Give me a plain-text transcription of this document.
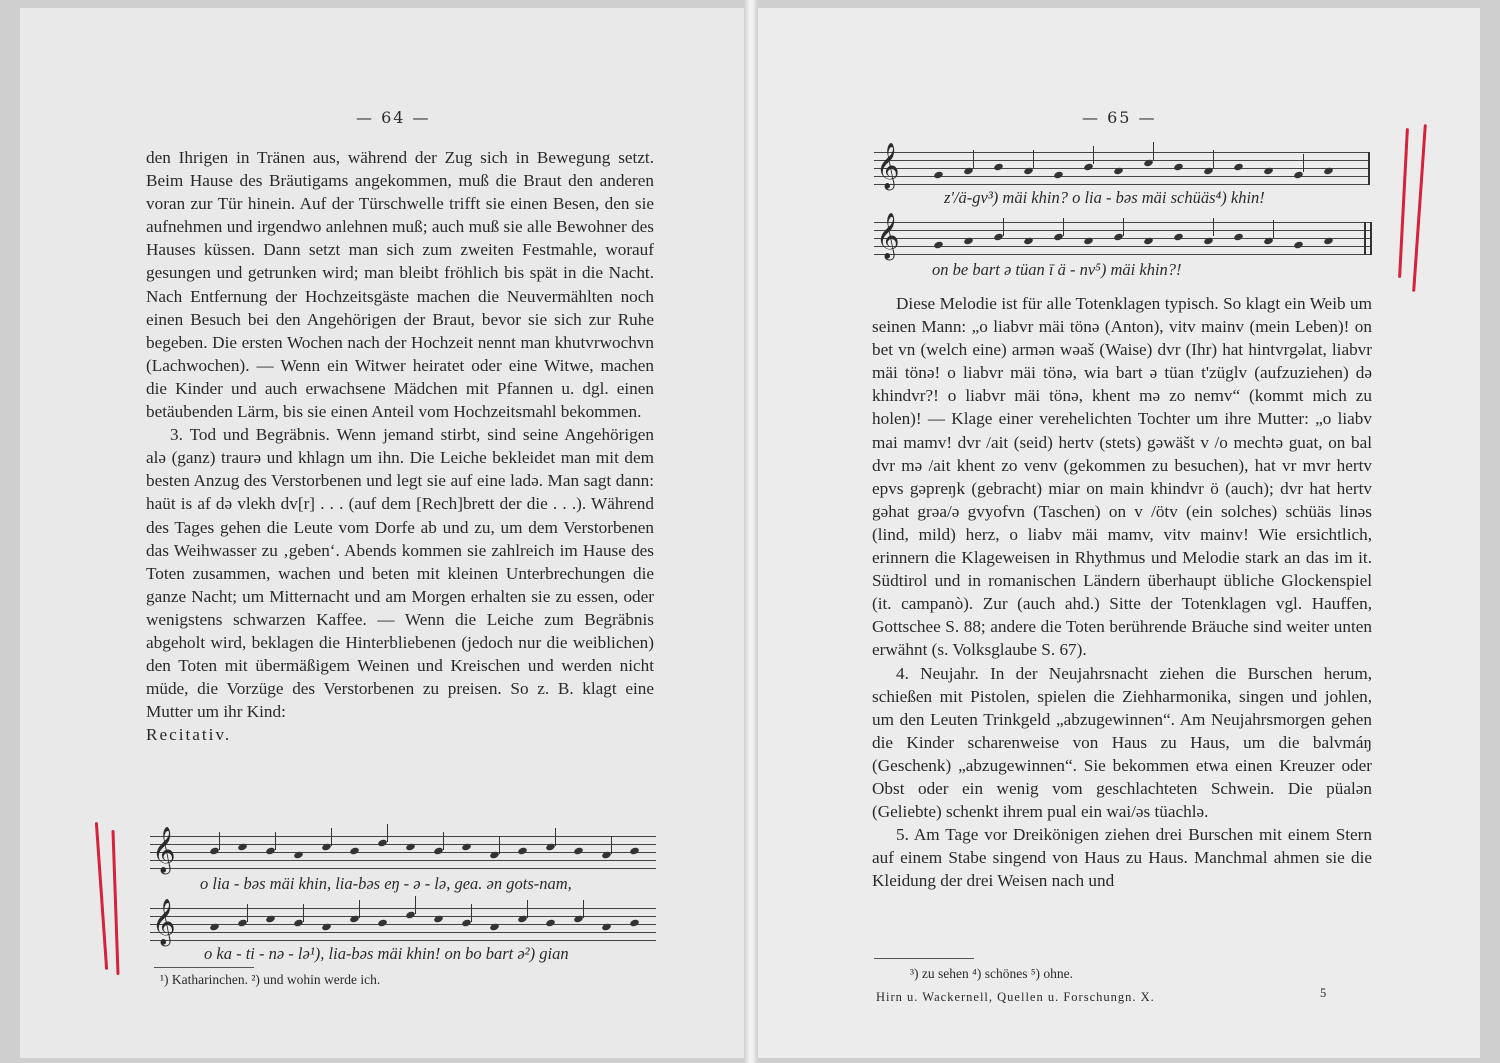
— 64 —

den Ihrigen in Tränen aus, während der Zug sich in Bewegung setzt. Beim Hause des Bräutigams angekommen, muß die Braut den anderen voran zur Tür hinein. Auf der Türschwelle trifft sie einen Besen, den sie aufnehmen und irgendwo anlehnen muß; auch muß sie alle Bewohner des Hauses küssen. Dann setzt man sich zum zweiten Festmahle, worauf gesungen und getrunken wird; man bleibt fröhlich bis spät in die Nacht. Nach Entfernung der Hochzeitsgäste machen die Neuvermählten noch einen Besuch bei den Angehörigen der Braut, bevor sie sich zur Ruhe begeben. Die ersten Wochen nach der Hochzeit nennt man khutvrwochvn (Lachwochen). — Wenn ein Witwer heiratet oder eine Witwe, machen die Kinder und auch erwachsene Mädchen mit Pfannen u. dgl. einen betäubenden Lärm, bis sie einen Anteil vom Hochzeitsmahl bekommen.

3. Tod und Begräbnis. Wenn jemand stirbt, sind seine Angehörigen alə (ganz) traurə und khlagn um ihn. Die Leiche bekleidet man mit dem besten Anzug des Verstorbenen und legt sie auf eine ladə. Man sagt dann: haüt is af də vlekh dv[r] . . . (auf dem [Rech]brett der die . . .). Während des Tages gehen die Leute vom Dorfe ab und zu, um dem Verstorbenen das Weihwasser zu ‚geben‘. Abends kommen sie zahlreich im Hause des Toten zusammen, wachen und beten mit kleinen Unterbrechungen die ganze Nacht; um Mitternacht und am Morgen erhalten sie zu essen, oder wenigstens schwarzen Kaffee. — Wenn die Leiche zum Begräbnis abgeholt wird, beklagen die Hinterbliebenen (jedoch nur die weiblichen) den Toten mit übermäßigem Weinen und Kreischen und werden nicht müde, die Vorzüge des Verstorbenen zu preisen. So z. B. klagt eine Mutter um ihr Kind:

Recitativ.

𝄞
o lia - bəs mäi khin, lia-bəs eŋ - ə - lə, gea. ən gots-nam,
𝄞
o ka - ti - nə - lə¹), lia-bəs mäi khin! on bo bart ə²) gian
¹) Katharinchen. ²) und wohin werde ich.
— 65 —
𝄞
z'/ä-gv³) mäi khin? o lia - bəs mäi schüäs⁴) khin!
𝄞
on be bart ə tüan ī ä - nv⁵) mäi khin?!

Diese Melodie ist für alle Totenklagen typisch. So klagt ein Weib um seinen Mann: „o liabvr mäi tönə (Anton), vitv mainv (mein Leben)! on bet vn (welch eine) armən wəaš (Waise) dvr (Ihr) hat hintvrgəlat, liabvr mäi tönə! o liabvr mäi tönə, wia bart ə tüan t'züglv (aufzuziehen) də khindvr?! o liabvr mäi tönə, khent mə zo nemv“ (kommt mich zu holen)! — Klage einer verehelichten Tochter um ihre Mutter: „o liabv mai mamv! dvr /ait (seid) hertv (stets) gəwäšt v /o mechtə guat, on bal dvr mə /ait khent zo venv (gekommen zu besuchen), hat vr mvr hertv epvs gəpreŋk (gebracht) miar on main khindvr ö (auch); dvr hat hertv gəhat grəa/ə gvyofvn (Taschen) on v /ötv (ein solches) schüäs linəs (lind, mild) herz, o liabv mäi mamv, vitv mainv! Wie ersichtlich, erinnern die Klageweisen in Rhythmus und Melodie stark an das im it. Südtirol und in romanischen Ländern überhaupt übliche Glockenspiel (it. campanò). Zur (auch ahd.) Sitte der Totenklagen vgl. Hauffen, Gottschee S. 88; andere die Toten berührende Bräuche sind weiter unten erwähnt (s. Volksglaube S. 67).

4. Neujahr. In der Neujahrsnacht ziehen die Burschen herum, schießen mit Pistolen, spielen die Ziehharmonika, singen und johlen, um den Leuten Trinkgeld „abzugewinnen“. Am Neujahrsmorgen gehen die Kinder scharenweise von Haus zu Haus, um die balvmáŋ (Geschenk) „abzugewinnen“. Sie bekommen etwa einen Kreuzer oder Obst oder ein wenig vom geschlachteten Schwein. Die püalən (Geliebte) schenkt ihrem pual ein wai/əs tüachlə.

5. Am Tage vor Dreikönigen ziehen drei Burschen mit einem Stern auf einem Stabe singend von Haus zu Haus. Manchmal ahmen sie die Kleidung der drei Weisen nach und

³) zu sehen ⁴) schönes ⁵) ohne.
Hirn u. Wackernell, Quellen u. Forschungn. X.	5
